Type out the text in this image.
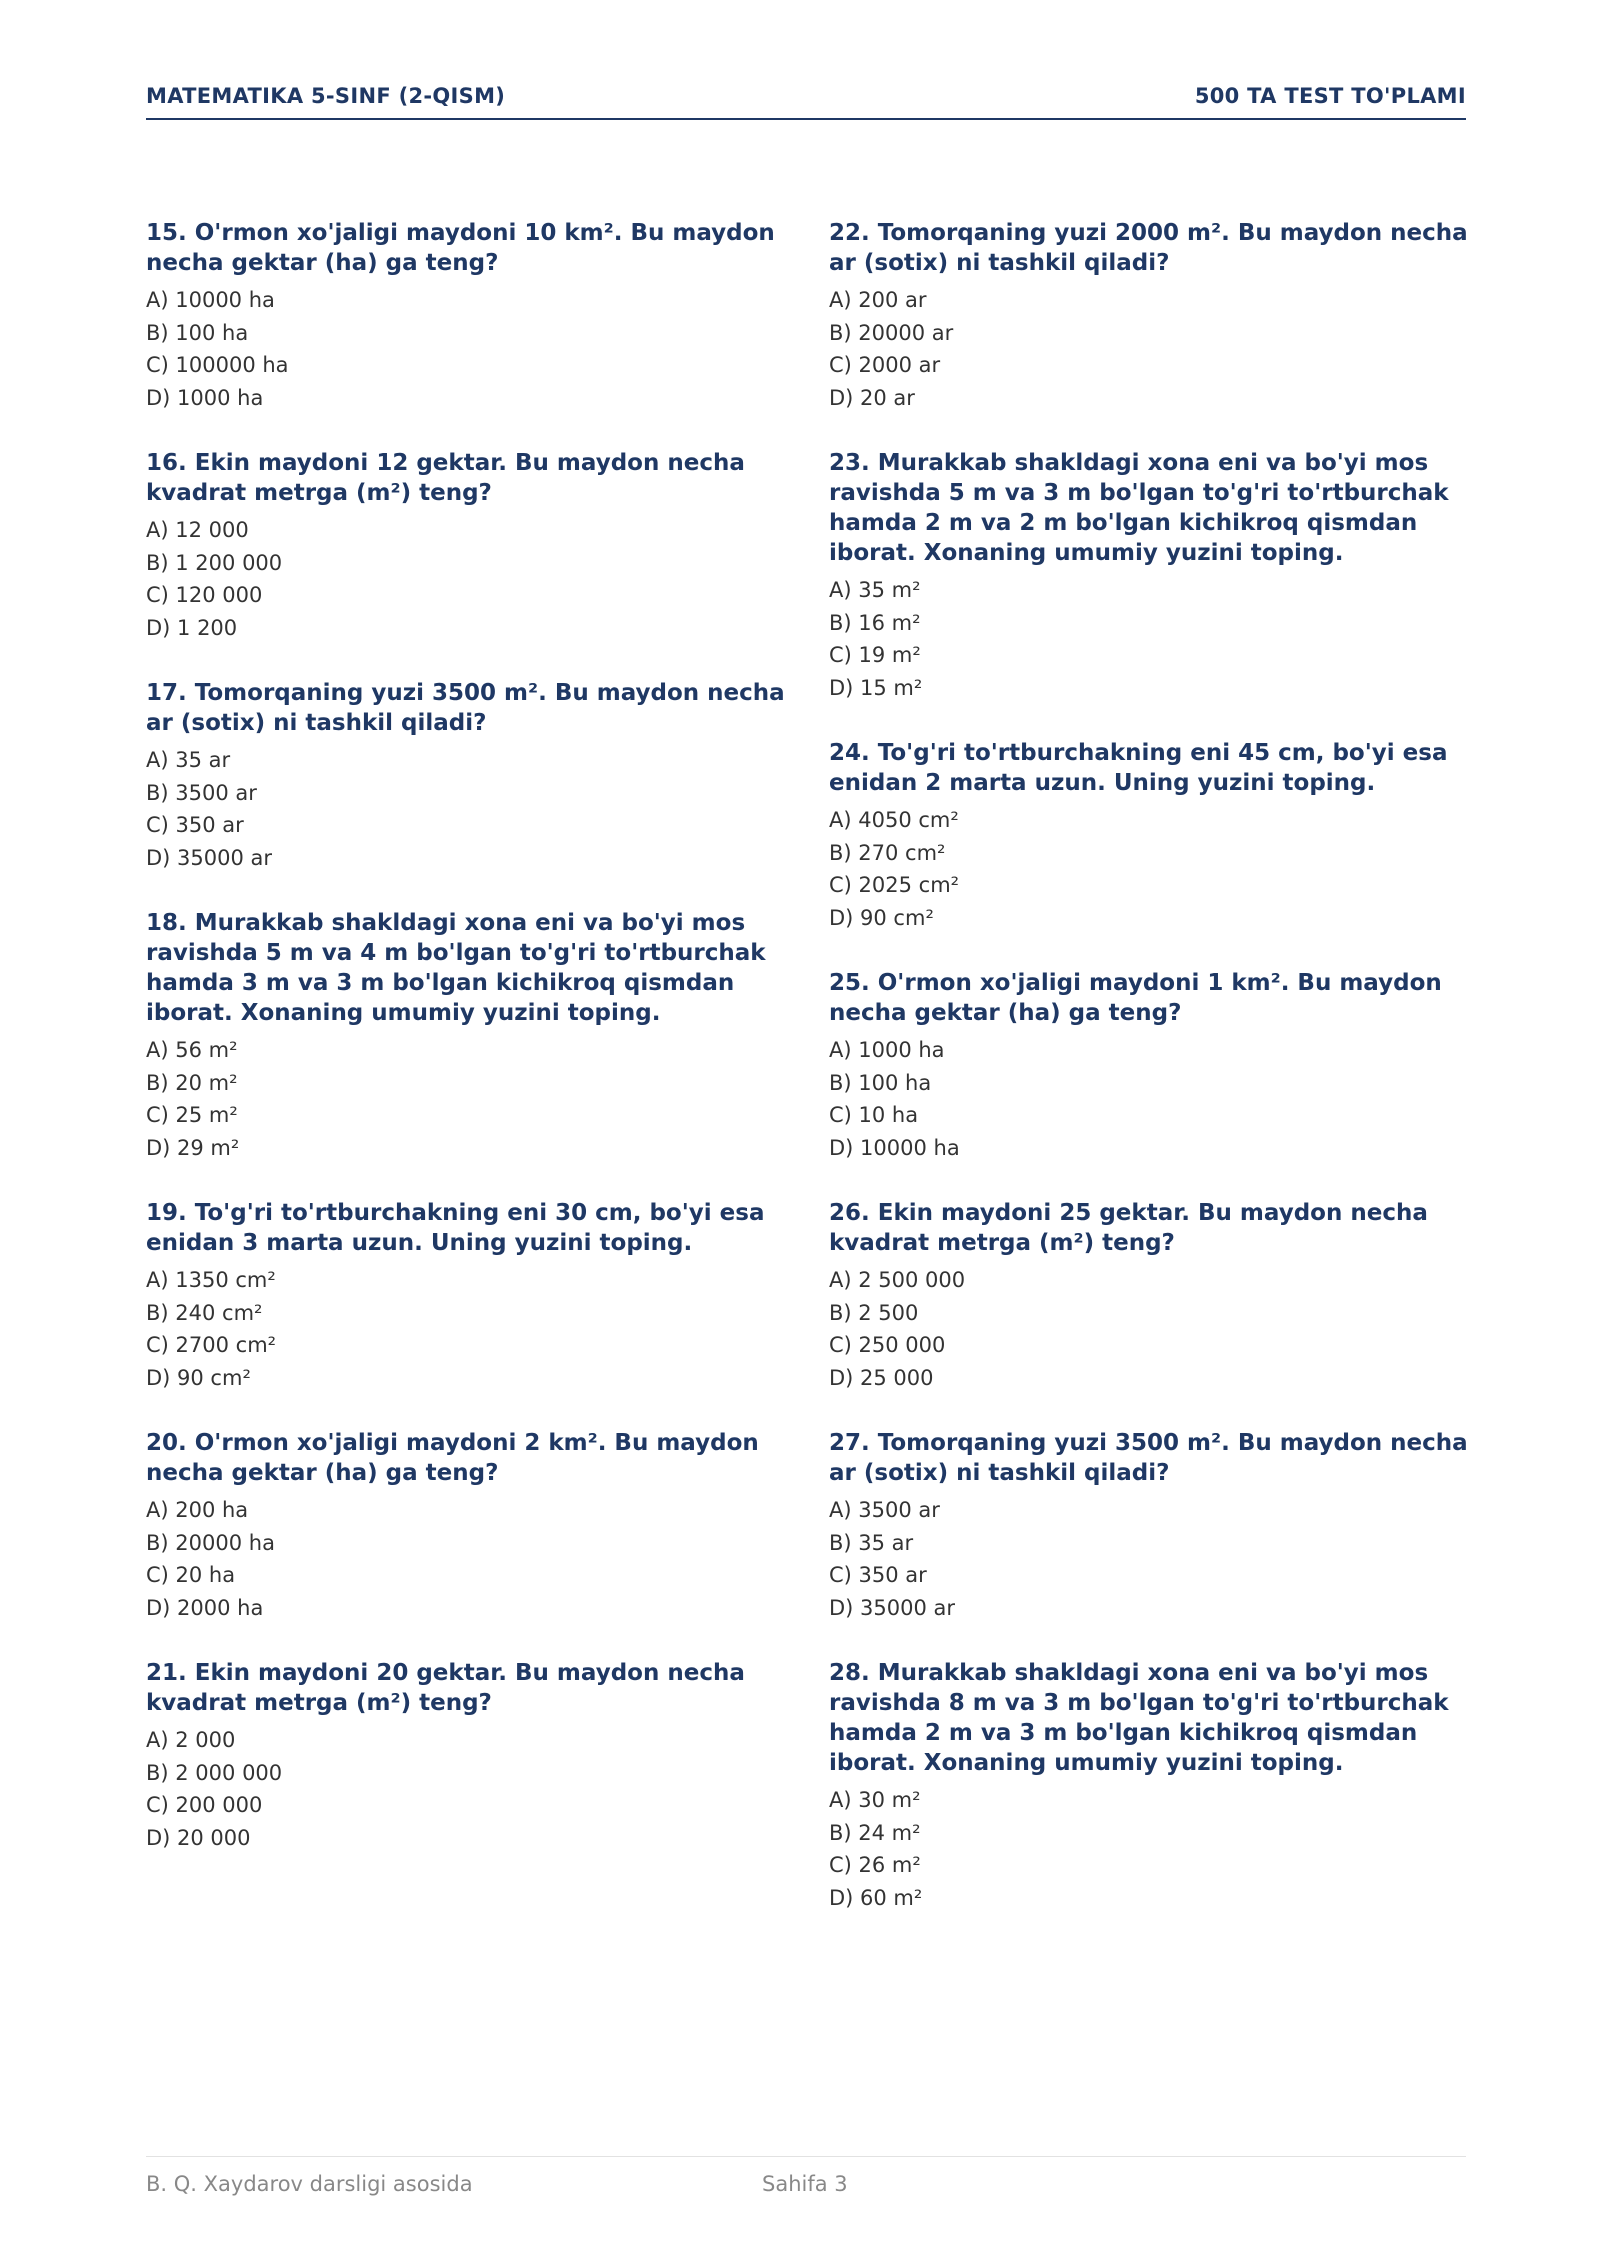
MATEMATIKA 5-SINF (2-QISM)	500 TA TEST TO'PLAMI
15. O'rmon xo'jaligi maydoni 10 km². Bu maydon necha gektar (ha) ga teng?
A) 10000 ha
B) 100 ha
C) 100000 ha
D) 1000 ha
16. Ekin maydoni 12 gektar. Bu maydon necha kvadrat metrga (m²) teng?
A) 12 000
B) 1 200 000
C) 120 000
D) 1 200
17. Tomorqaning yuzi 3500 m². Bu maydon necha ar (sotix) ni tashkil qiladi?
A) 35 ar
B) 3500 ar
C) 350 ar
D) 35000 ar
18. Murakkab shakldagi xona eni va bo'yi mos ravishda 5 m va 4 m bo'lgan to'g'ri to'rtburchak hamda 3 m va 3 m bo'lgan kichikroq qismdan iborat. Xonaning umumiy yuzini toping.
A) 56 m²
B) 20 m²
C) 25 m²
D) 29 m²
19. To'g'ri to'rtburchakning eni 30 cm, bo'yi esa enidan 3 marta uzun. Uning yuzini toping.
A) 1350 cm²
B) 240 cm²
C) 2700 cm²
D) 90 cm²
20. O'rmon xo'jaligi maydoni 2 km². Bu maydon necha gektar (ha) ga teng?
A) 200 ha
B) 20000 ha
C) 20 ha
D) 2000 ha
21. Ekin maydoni 20 gektar. Bu maydon necha kvadrat metrga (m²) teng?
A) 2 000
B) 2 000 000
C) 200 000
D) 20 000
22. Tomorqaning yuzi 2000 m². Bu maydon necha ar (sotix) ni tashkil qiladi?
A) 200 ar
B) 20000 ar
C) 2000 ar
D) 20 ar
23. Murakkab shakldagi xona eni va bo'yi mos ravishda 5 m va 3 m bo'lgan to'g'ri to'rtburchak hamda 2 m va 2 m bo'lgan kichikroq qismdan iborat. Xonaning umumiy yuzini toping.
A) 35 m²
B) 16 m²
C) 19 m²
D) 15 m²
24. To'g'ri to'rtburchakning eni 45 cm, bo'yi esa enidan 2 marta uzun. Uning yuzini toping.
A) 4050 cm²
B) 270 cm²
C) 2025 cm²
D) 90 cm²
25. O'rmon xo'jaligi maydoni 1 km². Bu maydon necha gektar (ha) ga teng?
A) 1000 ha
B) 100 ha
C) 10 ha
D) 10000 ha
26. Ekin maydoni 25 gektar. Bu maydon necha kvadrat metrga (m²) teng?
A) 2 500 000
B) 2 500
C) 250 000
D) 25 000
27. Tomorqaning yuzi 3500 m². Bu maydon necha ar (sotix) ni tashkil qiladi?
A) 3500 ar
B) 35 ar
C) 350 ar
D) 35000 ar
28. Murakkab shakldagi xona eni va bo'yi mos ravishda 8 m va 3 m bo'lgan to'g'ri to'rtburchak hamda 2 m va 3 m bo'lgan kichikroq qismdan iborat. Xonaning umumiy yuzini toping.
A) 30 m²
B) 24 m²
C) 26 m²
D) 60 m²
B. Q. Xaydarov darsligi asosida	Sahifa 3
